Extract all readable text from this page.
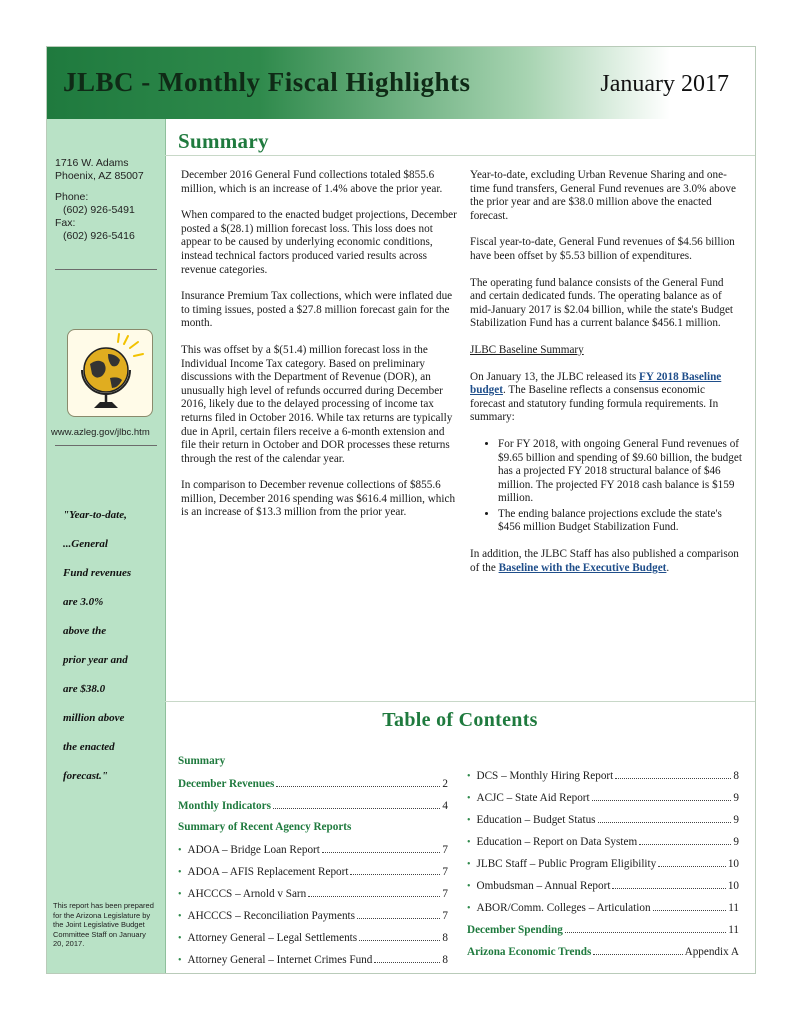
JLBC - Monthly Fiscal Highlights	January 2017
1716 W. Adams
Phoenix, AZ 85007
Phone:
(602) 926-5491
Fax:
(602) 926-5416
www.azleg.gov/jlbc.htm
"Year-to-date,
...General
Fund revenues
are 3.0%
above the
prior year and
are $38.0
million above
the enacted
forecast."
This report has been prepared for the Arizona Legislature by the Joint Legislative Budget Committee Staff on January 20, 2017.
Summary

December 2016 General Fund collections totaled $855.6 million, which is an increase of 1.4% above the prior year.

When compared to the enacted budget projections, December posted a $(28.1) million forecast loss. This loss does not appear to be caused by underlying economic conditions, instead technical factors produced varied results across revenue categories.

Insurance Premium Tax collections, which were inflated due to timing issues, posted a $27.8 million forecast gain for the month.

This was offset by a $(51.4) million forecast loss in the Individual Income Tax category. Based on preliminary discussions with the Department of Revenue (DOR), an unusually high level of refunds occurred during December 2016, likely due to the delayed processing of income tax returns filed in October 2016. While tax returns are typically due in April, certain filers receive a 6-month extension and file their return in October and DOR processes these returns through the rest of the calendar year.

In comparison to December revenue collections of $855.6 million, December 2016 spending was $616.4 million, which is an increase of $13.3 million from the prior year.

Year-to-date, excluding Urban Revenue Sharing and one-time fund transfers, General Fund revenues are 3.0% above the prior year and are $38.0 million above the enacted forecast.

Fiscal year-to-date, General Fund revenues of $4.56 billion have been offset by $5.53 billion of expenditures.

The operating fund balance consists of the General Fund and certain dedicated funds. The operating balance as of mid-January 2017 is $2.04 billion, while the state's Budget Stabilization Fund has a current balance $456.1 million.

JLBC Baseline Summary

On January 13, the JLBC released its FY 2018 Baseline budget. The Baseline reflects a consensus economic forecast and statutory funding formula requirements. In summary:

• For FY 2018, with ongoing General Fund revenues of $9.65 billion and spending of $9.60 billion, the budget has a projected FY 2018 structural balance of $46 million. The projected FY 2018 cash balance is $159 million.
• The ending balance projections exclude the state's $456 million Budget Stabilization Fund.

In addition, the JLBC Staff has also published a comparison of the Baseline with the Executive Budget.

Table of Contents
Summary
December Revenues	2
Monthly Indicators	4
Summary of Recent Agency Reports
• ADOA – Bridge Loan Report	7
• ADOA – AFIS Replacement Report	7
• AHCCCS – Arnold v Sarn	7
• AHCCCS – Reconciliation Payments	7
• Attorney General – Legal Settlements	8
• Attorney General – Internet Crimes Fund	8
• DCS – Monthly Hiring Report	8
• ACJC – State Aid Report	9
• Education – Budget Status	9
• Education – Report on Data System	9
• JLBC Staff – Public Program Eligibility	10
• Ombudsman – Annual Report	10
• ABOR/Comm. Colleges – Articulation	11
December Spending	11
Arizona Economic Trends	Appendix A
